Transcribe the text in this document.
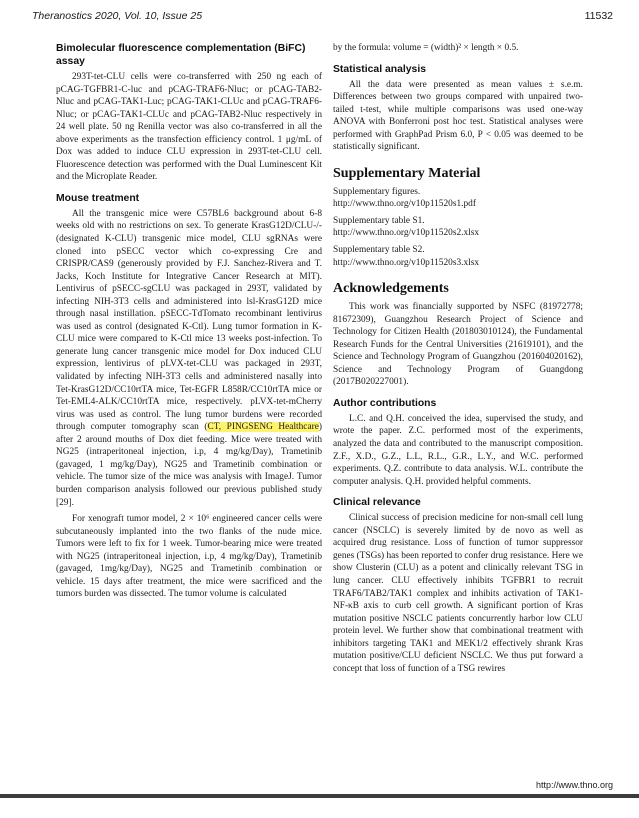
Theranostics 2020, Vol. 10, Issue 25	11532
Bimolecular fluorescence complementation (BiFC) assay

293T-tet-CLU cells were co-transferred with 250 ng each of pCAG-TGFBR1-C-luc and pCAG-TRAF6-Nluc; or pCAG-TAB2-Nluc and pCAG-TAK1-Luc; pCAG-TAK1-CLUc and pCAG-TRAF6-Nluc; or pCAG-TAK1-CLUc and pCAG-TAB2-Nluc respectively in 24 well plate. 50 ng Renilla vector was also co-transferred in all the above experiments as the transfection efficiency control. 1 μg/mL of Dox was added to induce CLU expression in 293T-tet-CLU cell. Fluorescence detection was performed with the Dual Luminescent Kit and the Microplate Reader.

Mouse treatment

All the transgenic mice were C57BL6 background about 6-8 weeks old with no restrictions on sex. To generate KrasG12D/CLU-/- (designated K-CLU) transgenic mice model, CLU sgRNAs were cloned into pSECC vector which co-expressing Cre and CRISPR/CAS9 (generously provided by F.J. Sanchez-Rivera and T. Jacks, Koch Institute for Integrative Cancer Research at MIT). Lentivirus of pSECC-sgCLU was packaged in 293T, validated by infecting NIH-3T3 cells and administered into lsl-KrasG12D mice through nasal instillation. pSECC-TdTomato recombinant lentivirus was used as control (designated K-Ctl). Lung tumor formation in K-CLU mice were compared to K-Ctl mice 13 weeks post-infection. To generate lung cancer transgenic mice model for Dox induced CLU expression, lentivirus of pLVX-tet-CLU was packaged in 293T, validated by infecting NIH-3T3 cells and administered nasally into Tet-KrasG12D/CC10rtTA mice, Tet-EGFR L858R/CC10rtTA mice or Tet-EML4-ALK/CC10rtTA mice, respectively. pLVX-tet-mCherry virus was used as control. The lung tumor burdens were recorded through computer tomography scan (CT, PINGSENG Healthcare) after 2 around mouths of Dox diet feeding. Mice were treated with NG25 (intraperitoneal injection, i.p, 4 mg/kg/Day), Trametinib (gavaged, 1 mg/kg/Day), NG25 and Trametinib combination or vehicle. The tumor size of the mice was analysis with ImageJ. Tumor burden comparison analysis followed our previous published study [29].

For xenograft tumor model, 2 × 10⁶ engineered cancer cells were subcutaneously implanted into the two flanks of the nude mice. Tumors were left to fix for 1 week. Tumor-bearing mice were treated with NG25 (intraperitoneal injection, i.p, 4 mg/kg/Day), Trametinib (gavaged, 1mg/kg/Day), NG25 and Trametinib combination or vehicle. 15 days after treatment, the mice were sacrificed and the tumors burden was dissected. The tumor volume is calculated

by the formula: volume = (width)² × length × 0.5.

Statistical analysis

All the data were presented as mean values ± s.e.m. Differences between two groups compared with unpaired two-tailed t-test, while multiple comparisons was used one-way ANOVA with Bonferroni post hoc test. Statistical analyses were performed with GraphPad Prism 6.0, P < 0.05 was deemed to be statistically significant.

Supplementary Material

Supplementary figures.

http://www.thno.org/v10p11520s1.pdf

Supplementary table S1.

http://www.thno.org/v10p11520s2.xlsx

Supplementary table S2.

http://www.thno.org/v10p11520s3.xlsx

Acknowledgements

This work was financially supported by NSFC (81972778; 81672309), Guangzhou Research Project of Science and Technology for Citizen Health (201803010124), the Fundamental Research Funds for the Central Universities (21619101), and the Science and Technology Program of Guangzhou (201604020162), Science and Technology Program of Guangdong (2017B020227001).

Author contributions

L.C. and Q.H. conceived the idea, supervised the study, and wrote the paper. Z.C. performed most of the experiments, analyzed the data and contributed to the manuscript composition. Z.F., X.D., G.Z., L.L, R.L., G.R., L.Y., and W.C. performed experiments. Q.Z. contribute to data analysis. W.L. contribute the computer analysis. Q.H. provided helpful comments.

Clinical relevance

Clinical success of precision medicine for non-small cell lung cancer (NSCLC) is severely limited by de novo as well as acquired drug resistance. Loss of function of tumor suppressor genes (TSGs) has been reported to confer drug resistance. Here we show Clusterin (CLU) as a potent and clinically relevant TSG in lung cancer. CLU effectively inhibits TGFBR1 to recruit TRAF6/TAB2/TAK1 complex and inhibits activation of TAK1-NF-κB axis to curb cell growth. A significant portion of Kras mutation positive NSCLC patients concurrently harbor low CLU protein level. We further show that combinational treatment with inhibitors targeting TAK1 and MEK1/2 effectively shrank Kras mutation positive/CLU deficient NSCLC. We thus put forward a concept that loss of function of a TSG rewires

http://www.thno.org
